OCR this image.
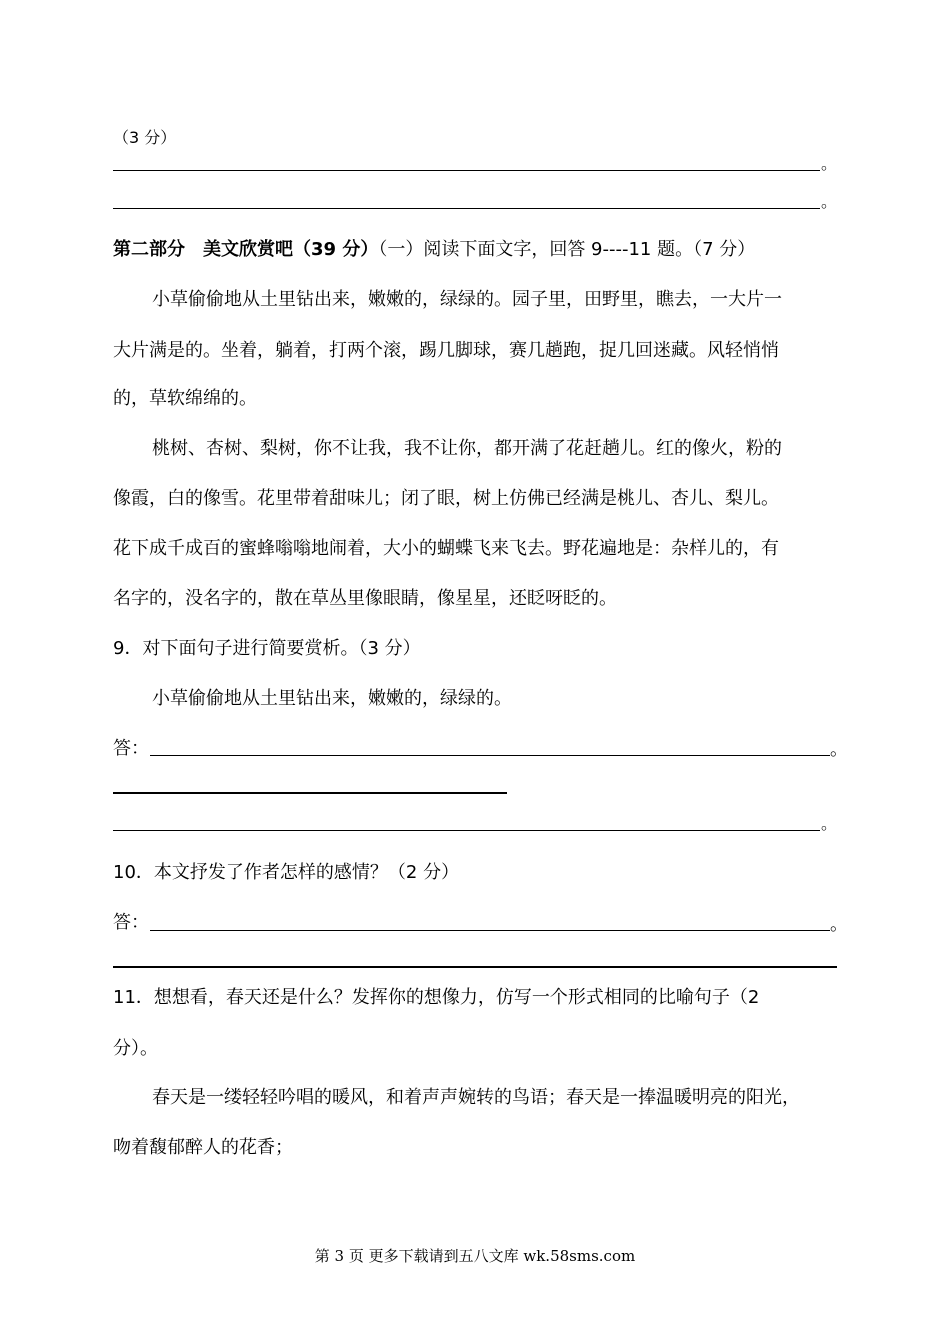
（3 分）
。
。
第二部分　美文欣赏吧（39 分）（一）阅读下面文字，回答 9----11 题。（7 分）
小草偷偷地从土里钻出来，嫩嫩的，绿绿的。园子里，田野里，瞧去，一大片一
大片满是的。坐着，躺着，打两个滚，踢几脚球，赛几趟跑，捉几回迷藏。风轻悄悄
的，草软绵绵的。
桃树、杏树、梨树，你不让我，我不让你，都开满了花赶趟儿。红的像火，粉的
像霞，白的像雪。花里带着甜味儿；闭了眼，树上仿佛已经满是桃儿、杏儿、梨儿。
花下成千成百的蜜蜂嗡嗡地闹着，大小的蝴蝶飞来飞去。野花遍地是：杂样儿的，有
名字的，没名字的，散在草丛里像眼睛，像星星，还眨呀眨的。
9．对下面句子进行简要赏析。（3 分）
小草偷偷地从土里钻出来，嫩嫩的，绿绿的。
答：	。
。
10．本文抒发了作者怎样的感情？（2 分）
答：	。
11．想想看，春天还是什么？发挥你的想像力，仿写一个形式相同的比喻句子（2
分）。
春天是一缕轻轻吟唱的暖风，和着声声婉转的鸟语；春天是一捧温暖明亮的阳光，
吻着馥郁醉人的花香；
第 3 页 更多下载请到五八文库 wk.58sms.com
